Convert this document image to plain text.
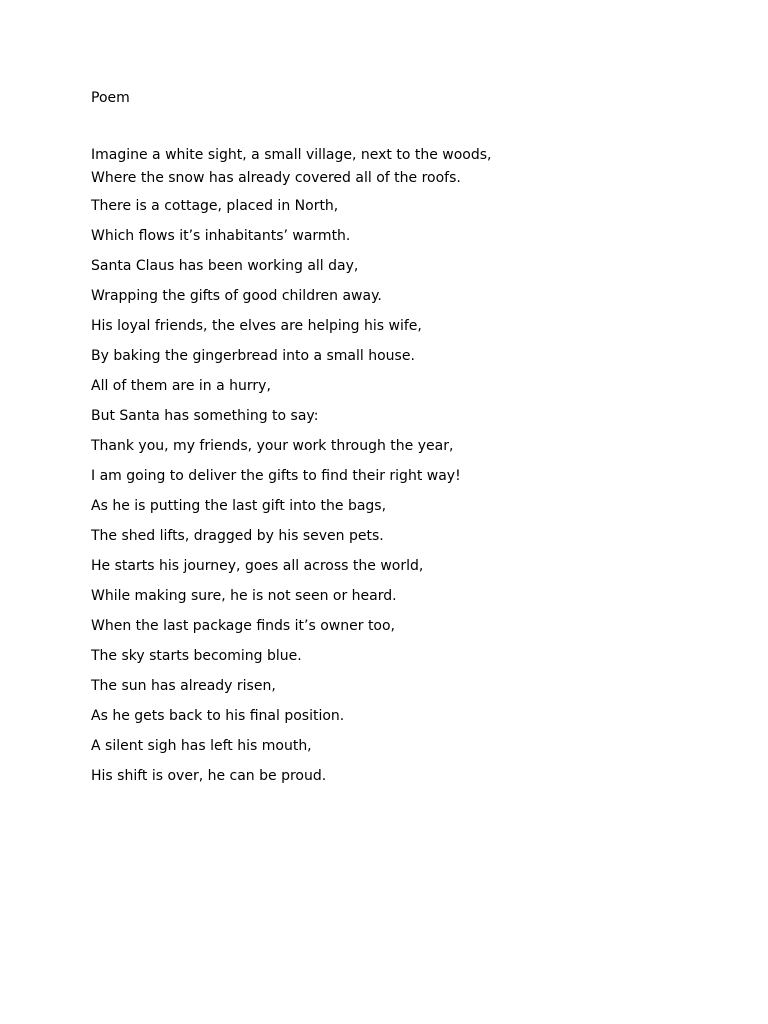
Poem
Imagine a white sight, a small village, next to the woods,
Where the snow has already covered all of the roofs.
There is a cottage, placed in North,
Which flows it’s inhabitants’ warmth.
Santa Claus has been working all day,
Wrapping the gifts of good children away.
His loyal friends, the elves are helping his wife,
By baking the gingerbread into a small house.
All of them are in a hurry,
But Santa has something to say:
Thank you, my friends, your work through the year,
I am going to deliver the gifts to find their right way!
As he is putting the last gift into the bags,
The shed lifts, dragged by his seven pets.
He starts his journey, goes all across the world,
While making sure, he is not seen or heard.
When the last package finds it’s owner too,
The sky starts becoming blue.
The sun has already risen,
As he gets back to his final position.
A silent sigh has left his mouth,
His shift is over, he can be proud.
